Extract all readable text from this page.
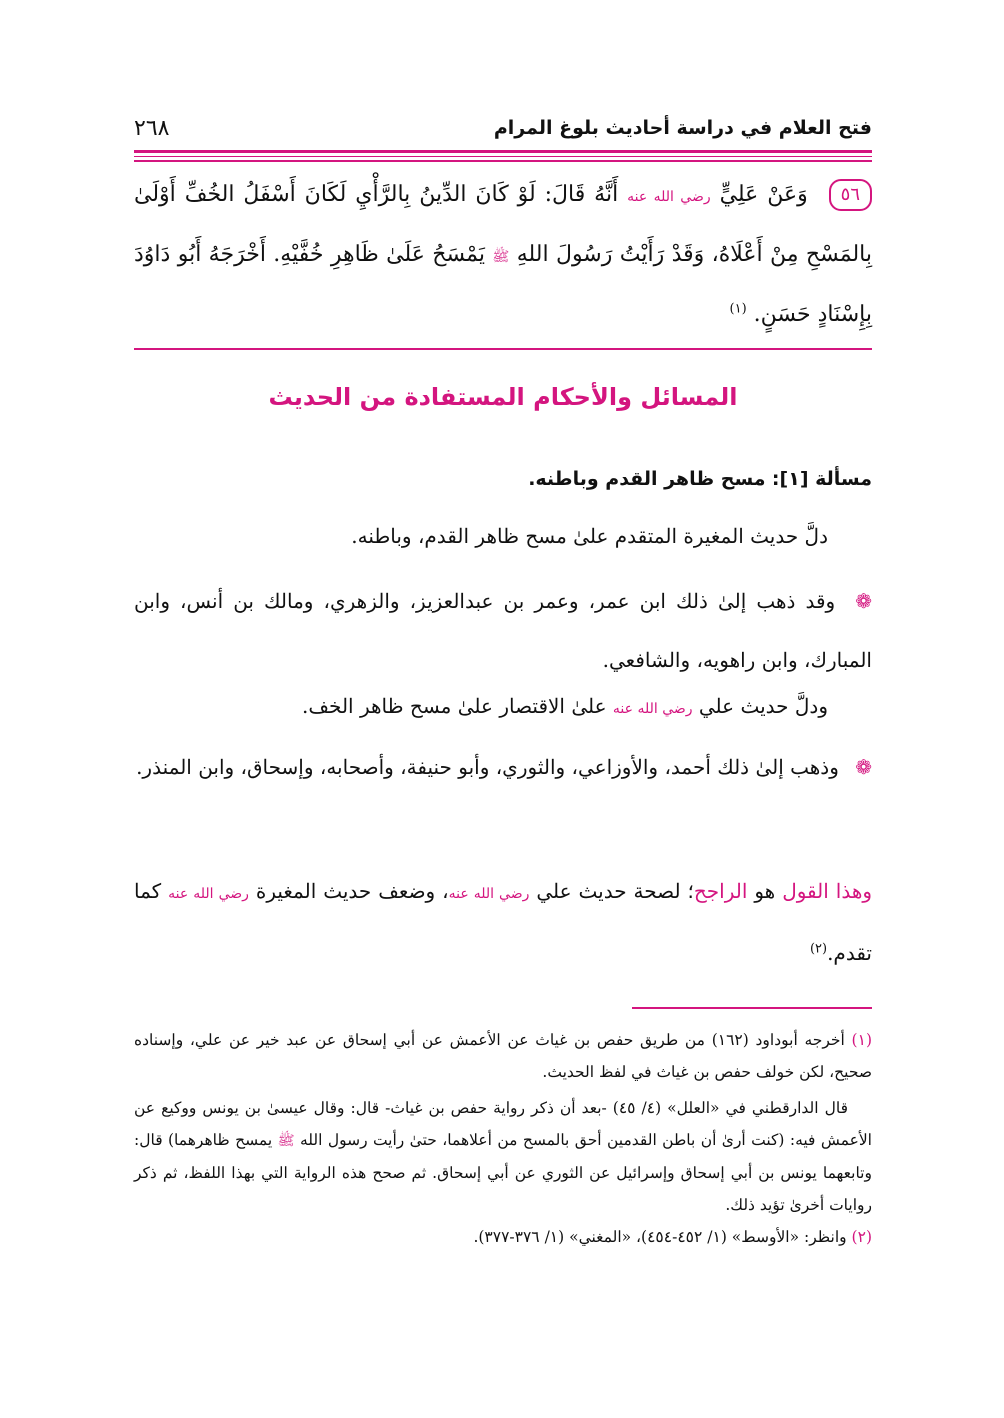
فتح العلام في دراسة أحاديث بلوغ المرام
٢٦٨
٥٦ وَعَنْ عَلِيٍّ رضي الله عنه أَنَّهُ قَالَ: لَوْ كَانَ الدِّينُ بِالرَّأْيِ لَكَانَ أَسْفَلُ الخُفِّ أَوْلَىٰ بِالمَسْحِ مِنْ أَعْلَاهُ، وَقَدْ رَأَيْتُ رَسُولَ اللهِ ﷺ يَمْسَحُ عَلَىٰ ظَاهِرِ خُفَّيْهِ. أَخْرَجَهُ أَبُو دَاوُدَ بِإِسْنَادٍ حَسَنٍ. $^{(١)}$
المسائل والأحكام المستفادة من الحديث
مسألة [١]: مسح ظاهر القدم وباطنه.
دلَّ حديث المغيرة المتقدم علىٰ مسح ظاهر القدم، وباطنه.
❁ وقد ذهب إلىٰ ذلك ابن عمر، وعمر بن عبدالعزيز، والزهري، ومالك بن أنس، وابن المبارك، وابن راهويه، والشافعي.
ودلَّ حديث علي رضي الله عنه علىٰ الاقتصار علىٰ مسح ظاهر الخف.
❁ وذهب إلىٰ ذلك أحمد، والأوزاعي، والثوري، وأبو حنيفة، وأصحابه، وإسحاق، وابن المنذر.
وهذا القول هو الراجح؛ لصحة حديث علي رضي الله عنه، وضعف حديث المغيرة رضي الله عنه كما تقدم.$^{(٢)}$

(١) أخرجه أبوداود (١٦٢) من طريق حفص بن غياث عن الأعمش عن أبي إسحاق عن عبد خير عن علي، وإسناده صحيح، لكن خولف حفص بن غياث في لفظ الحديث.

قال الدارقطني في «العلل» (٤/ ٤٥) -بعد أن ذكر رواية حفص بن غياث- قال: وقال عيسىٰ بن يونس ووكيع عن الأعمش فيه: (كنت أرىٰ أن باطن القدمين أحق بالمسح من أعلاهما، حتىٰ رأيت رسول الله ﷺ يمسح ظاهرهما) قال: وتابعهما يونس بن أبي إسحاق وإسرائيل عن الثوري عن أبي إسحاق. ثم صحح هذه الرواية التي بهذا اللفظ، ثم ذكر روايات أخرىٰ تؤيد ذلك.

(٢) وانظر: «الأوسط» (١/ ٤٥٢-٤٥٤)، «المغني» (١/ ٣٧٦-٣٧٧).
